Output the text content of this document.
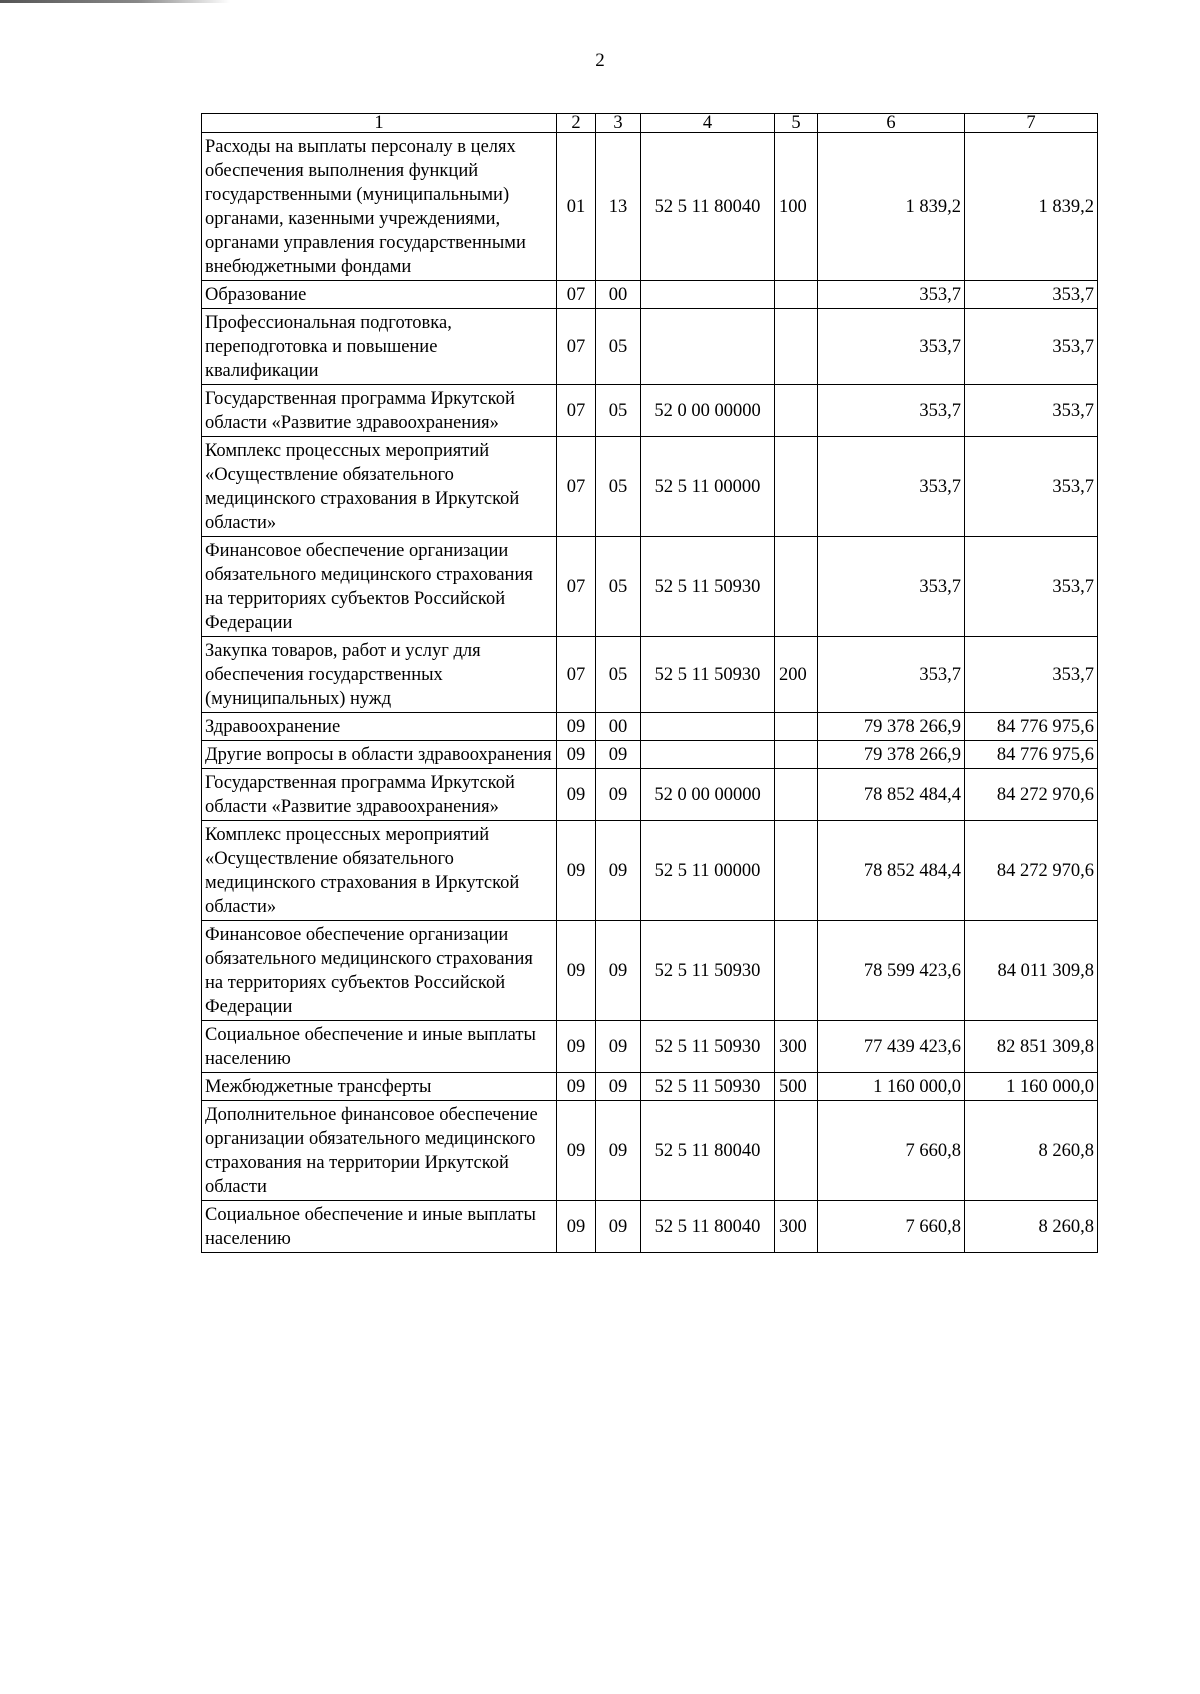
2
1	2	3	4	5	6	7
Расходы на выплаты персоналу в целях обеспечения выполнения функций государственными (муниципальными) органами, казенными учреждениями, органами управления государственными внебюджетными фондами	01	13	52 5 11 80040	100	1 839,2	1 839,2
Образование	07	00			353,7	353,7
Профессиональная подготовка, переподготовка и повышение квалификации	07	05			353,7	353,7
Государственная программа Иркутской области «Развитие здравоохранения»	07	05	52 0 00 00000		353,7	353,7
Комплекс процессных мероприятий «Осуществление обязательного медицинского страхования в Иркутской области»	07	05	52 5 11 00000		353,7	353,7
Финансовое обеспечение организации обязательного медицинского страхования на территориях субъектов Российской Федерации	07	05	52 5 11 50930		353,7	353,7
Закупка товаров, работ и услуг для обеспечения государственных (муниципальных) нужд	07	05	52 5 11 50930	200	353,7	353,7
Здравоохранение	09	00			79 378 266,9	84 776 975,6
Другие вопросы в области здравоохранения	09	09			79 378 266,9	84 776 975,6
Государственная программа Иркутской области «Развитие здравоохранения»	09	09	52 0 00 00000		78 852 484,4	84 272 970,6
Комплекс процессных мероприятий «Осуществление обязательного медицинского страхования в Иркутской области»	09	09	52 5 11 00000		78 852 484,4	84 272 970,6
Финансовое обеспечение организации обязательного медицинского страхования на территориях субъектов Российской Федерации	09	09	52 5 11 50930		78 599 423,6	84 011 309,8
Социальное обеспечение и иные выплаты населению	09	09	52 5 11 50930	300	77 439 423,6	82 851 309,8
Межбюджетные трансферты	09	09	52 5 11 50930	500	1 160 000,0	1 160 000,0
Дополнительное финансовое обеспечение организации обязательного медицинского страхования на территории Иркутской области	09	09	52 5 11 80040		7 660,8	8 260,8
Социальное обеспечение и иные выплаты населению	09	09	52 5 11 80040	300	7 660,8	8 260,8
